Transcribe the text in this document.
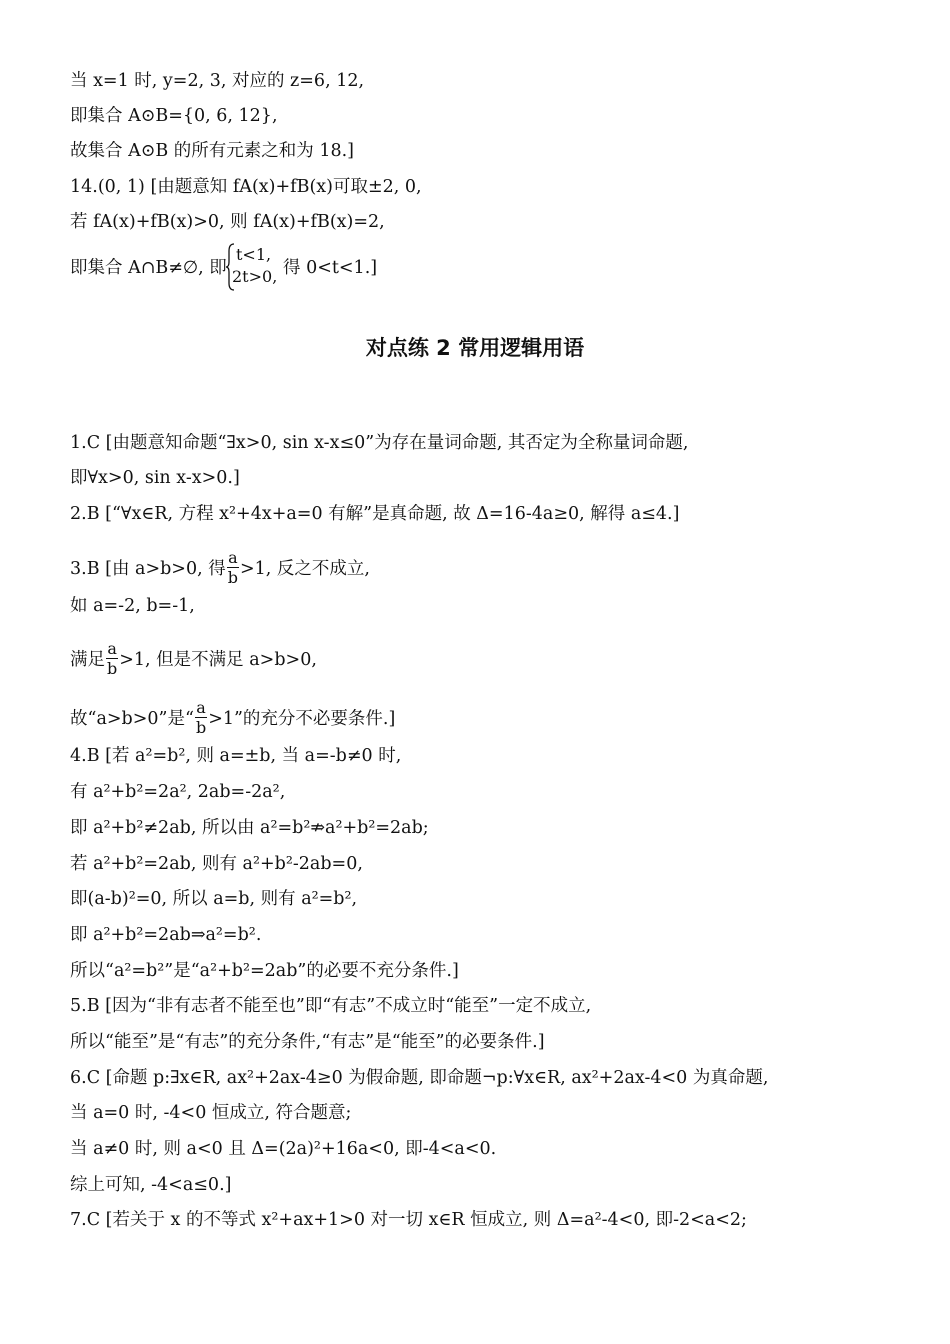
当 x=1 时, y=2, 3, 对应的 z=6, 12,
即集合 A⊙B={0, 6, 12},
故集合 A⊙B 的所有元素之和为 18.]
14.(0, 1) [由题意知 fA(x)+fB(x)可取±2, 0,
若 fA(x)+fB(x)>0, 则 fA(x)+fB(x)=2,
即集合 A∩B≠∅, 即
t<1,
2t>0, 得 0<t<1.]
对点练 2 常用逻辑用语
1.C [由题意知命题“∃x>0, sin x-x≤0”为存在量词命题, 其否定为全称量词命题,
即∀x>0, sin x-x>0.]
2.B [“∀x∈R, 方程 x²+4x+a=0 有解”是真命题, 故 Δ=16-4a≥0, 解得 a≤4.]
3.B [由 a>b>0, 得 $\frac{a}{b} >1$, 反之不成立,
如 a=-2, b=-1,
满足 $\frac{a}{b} >1$, 但是不满足 a>b>0,
故“a>b>0”是“ $\frac{a}{b} >1$”的充分不必要条件.]
4.B [若 a²=b², 则 a=±b, 当 a=-b≠0 时,
有 a²+b²=2a², 2ab=-2a²,
即 a²+b²≠2ab, 所以由 a²=b²⇏a²+b²=2ab;
若 a²+b²=2ab, 则有 a²+b²-2ab=0,
即(a-b)²=0, 所以 a=b, 则有 a²=b²,
即 a²+b²=2ab⇒a²=b².
所以“a²=b²”是“a²+b²=2ab”的必要不充分条件.]
5.B [因为“非有志者不能至也”即“有志”不成立时“能至”一定不成立,
所以“能至”是“有志”的充分条件,“有志”是“能至”的必要条件.]
6.C [命题 p:∃x∈R, ax²+2ax-4≥0 为假命题, 即命题¬p:∀x∈R, ax²+2ax-4<0 为真命题,
当 a=0 时, -4<0 恒成立, 符合题意;
当 a≠0 时, 则 a<0 且 Δ=(2a)²+16a<0, 即-4<a<0.
综上可知, -4<a≤0.]
7.C [若关于 x 的不等式 x²+ax+1>0 对一切 x∈R 恒成立, 则 Δ=a²-4<0, 即-2<a<2;
